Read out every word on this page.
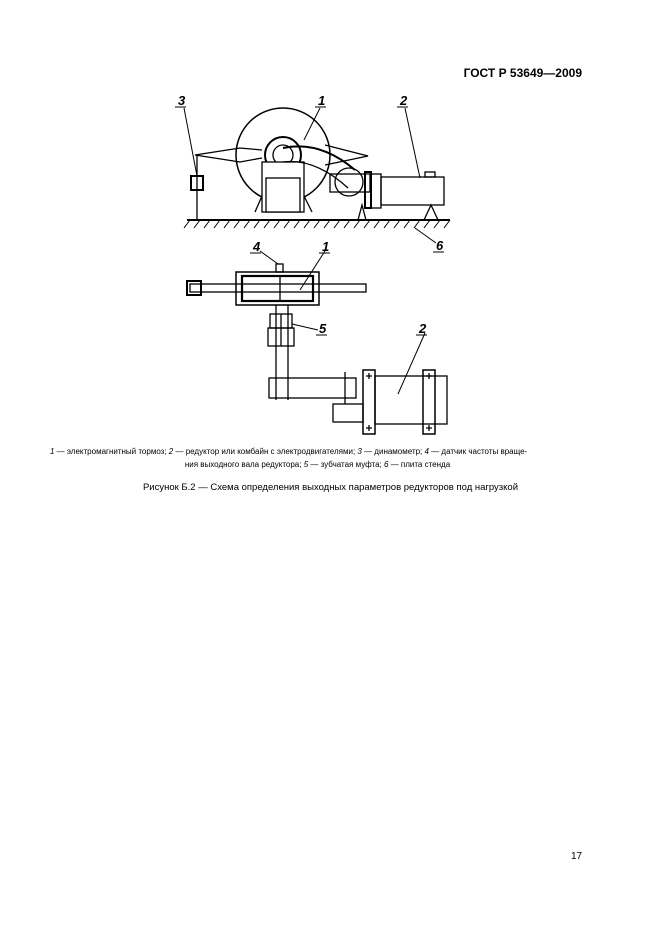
ГОСТ Р 53649—2009
3	1	2
6
4	1
5	2
1 — электромагнитный тормоз; 2 — редуктор или комбайн с электродвигателями; 3 — динамометр; 4 — датчик частоты враще-
ния выходного вала редуктора; 5 — зубчатая муфта; 6 — плита стенда
Рисунок Б.2 — Схема определения выходных параметров редукторов под нагрузкой
17
